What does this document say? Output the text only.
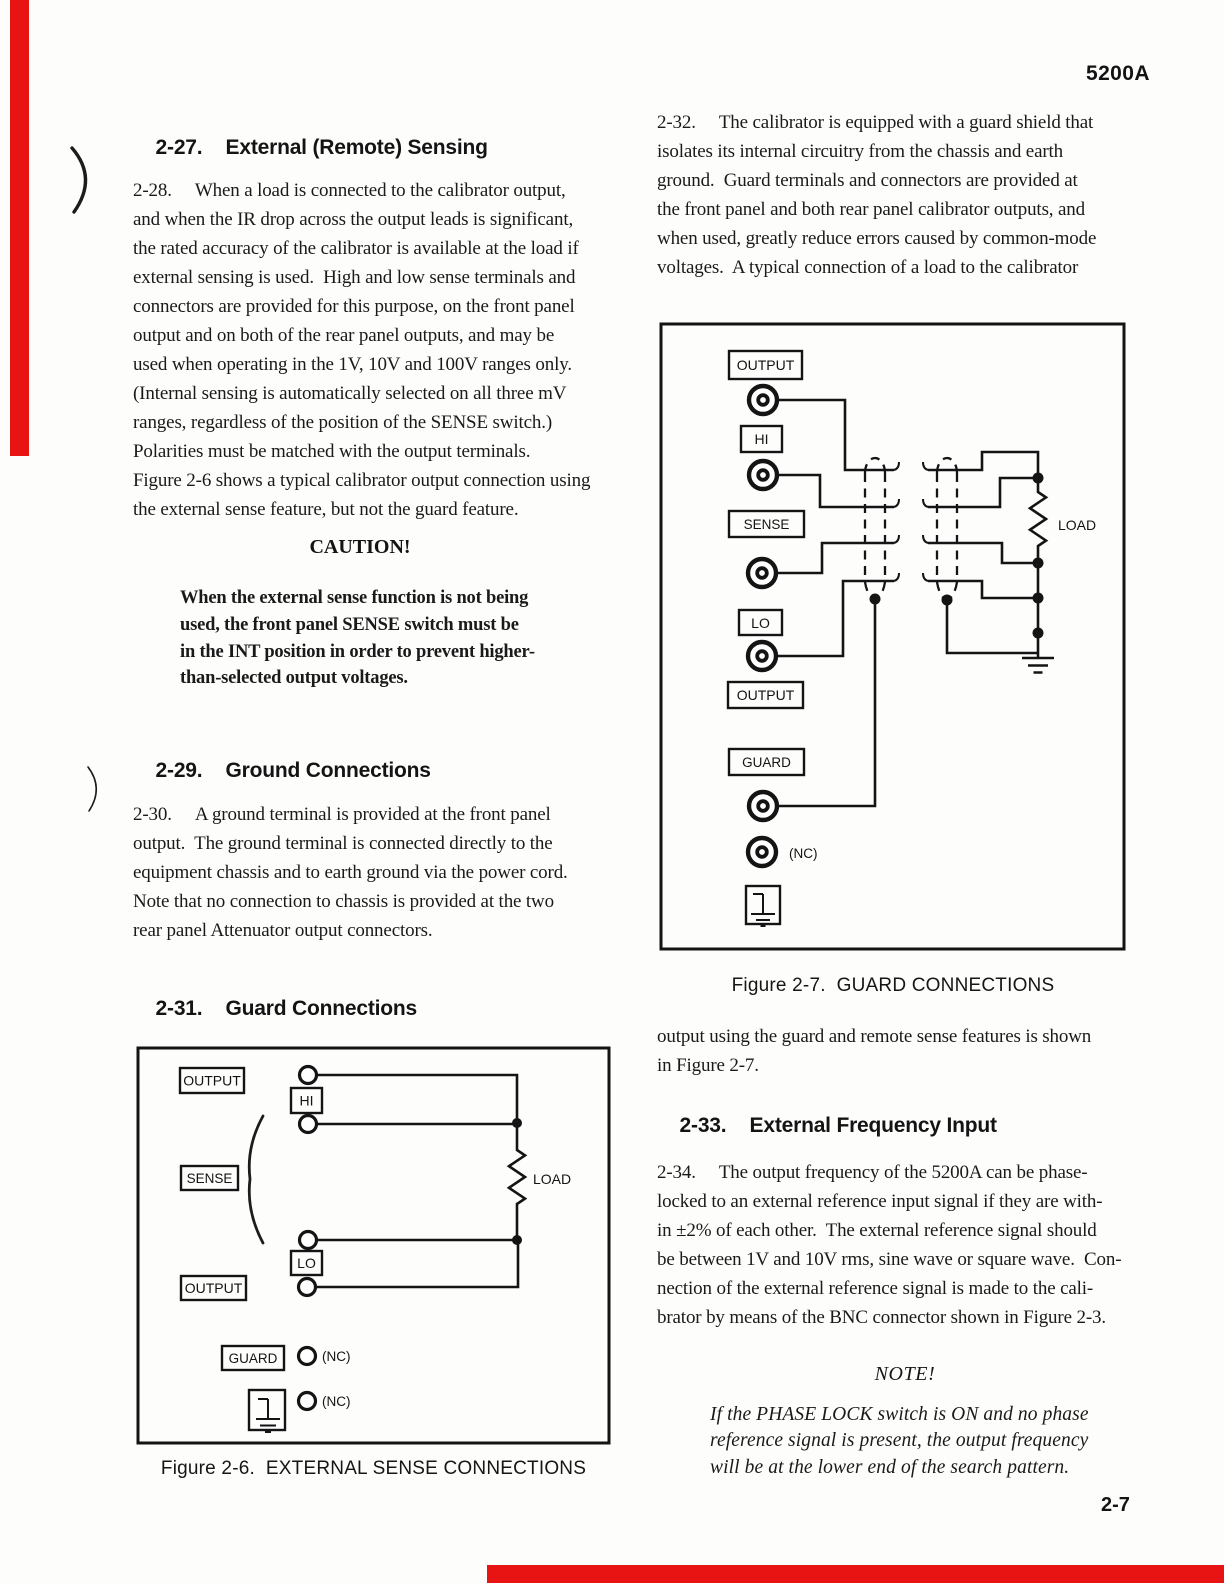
5200A
2-7

2-27. External (Remote) Sensing

2-28.     When a load is connected to the calibrator output,
and when the IR drop across the output leads is significant,
the rated accuracy of the calibrator is available at the load if
external sensing is used.  High and low sense terminals and
connectors are provided for this purpose, on the front panel
output and on both of the rear panel outputs, and may be
used when operating in the 1V, 10V and 100V ranges only.
(Internal sensing is automatically selected on all three mV
ranges, regardless of the position of the SENSE switch.)
Polarities must be matched with the output terminals.
Figure 2-6 shows a typical calibrator output connection using
the external sense feature, but not the guard feature.
CAUTION!
When the external sense function is not being
used, the front panel SENSE switch must be
in the INT position in order to prevent higher-
than-selected output voltages.

2-29. Ground Connections

2-30.     A ground terminal is provided at the front panel
output.  The ground terminal is connected directly to the
equipment chassis and to earth ground via the power cord.
Note that no connection to chassis is provided at the two
rear panel Attenuator output connectors.

2-31. Guard Connections

OUTPUT
HI
SENSE
LO
OUTPUT
GUARD	(NC)
(NC)
LOAD
Figure 2-6.  EXTERNAL SENSE CONNECTIONS
2-32.     The calibrator is equipped with a guard shield that
isolates its internal circuitry from the chassis and earth
ground.  Guard terminals and connectors are provided at
the front panel and both rear panel calibrator outputs, and
when used, greatly reduce errors caused by common-mode
voltages.  A typical connection of a load to the calibrator
OUTPUT
HI
SENSE
LO
OUTPUT
GUARD
(NC)
LOAD
Figure 2-7.  GUARD CONNECTIONS
output using the guard and remote sense features is shown
in Figure 2-7.

2-33. External Frequency Input

2-34.     The output frequency of the 5200A can be phase-
locked to an external reference input signal if they are with-
in ±2% of each other.  The external reference signal should
be between 1V and 10V rms, sine wave or square wave.  Con-
nection of the external reference signal is made to the cali-
brator by means of the BNC connector shown in Figure 2-3.
NOTE!
If the PHASE LOCK switch is ON and no phase
reference signal is present, the output frequency
will be at the lower end of the search pattern.
